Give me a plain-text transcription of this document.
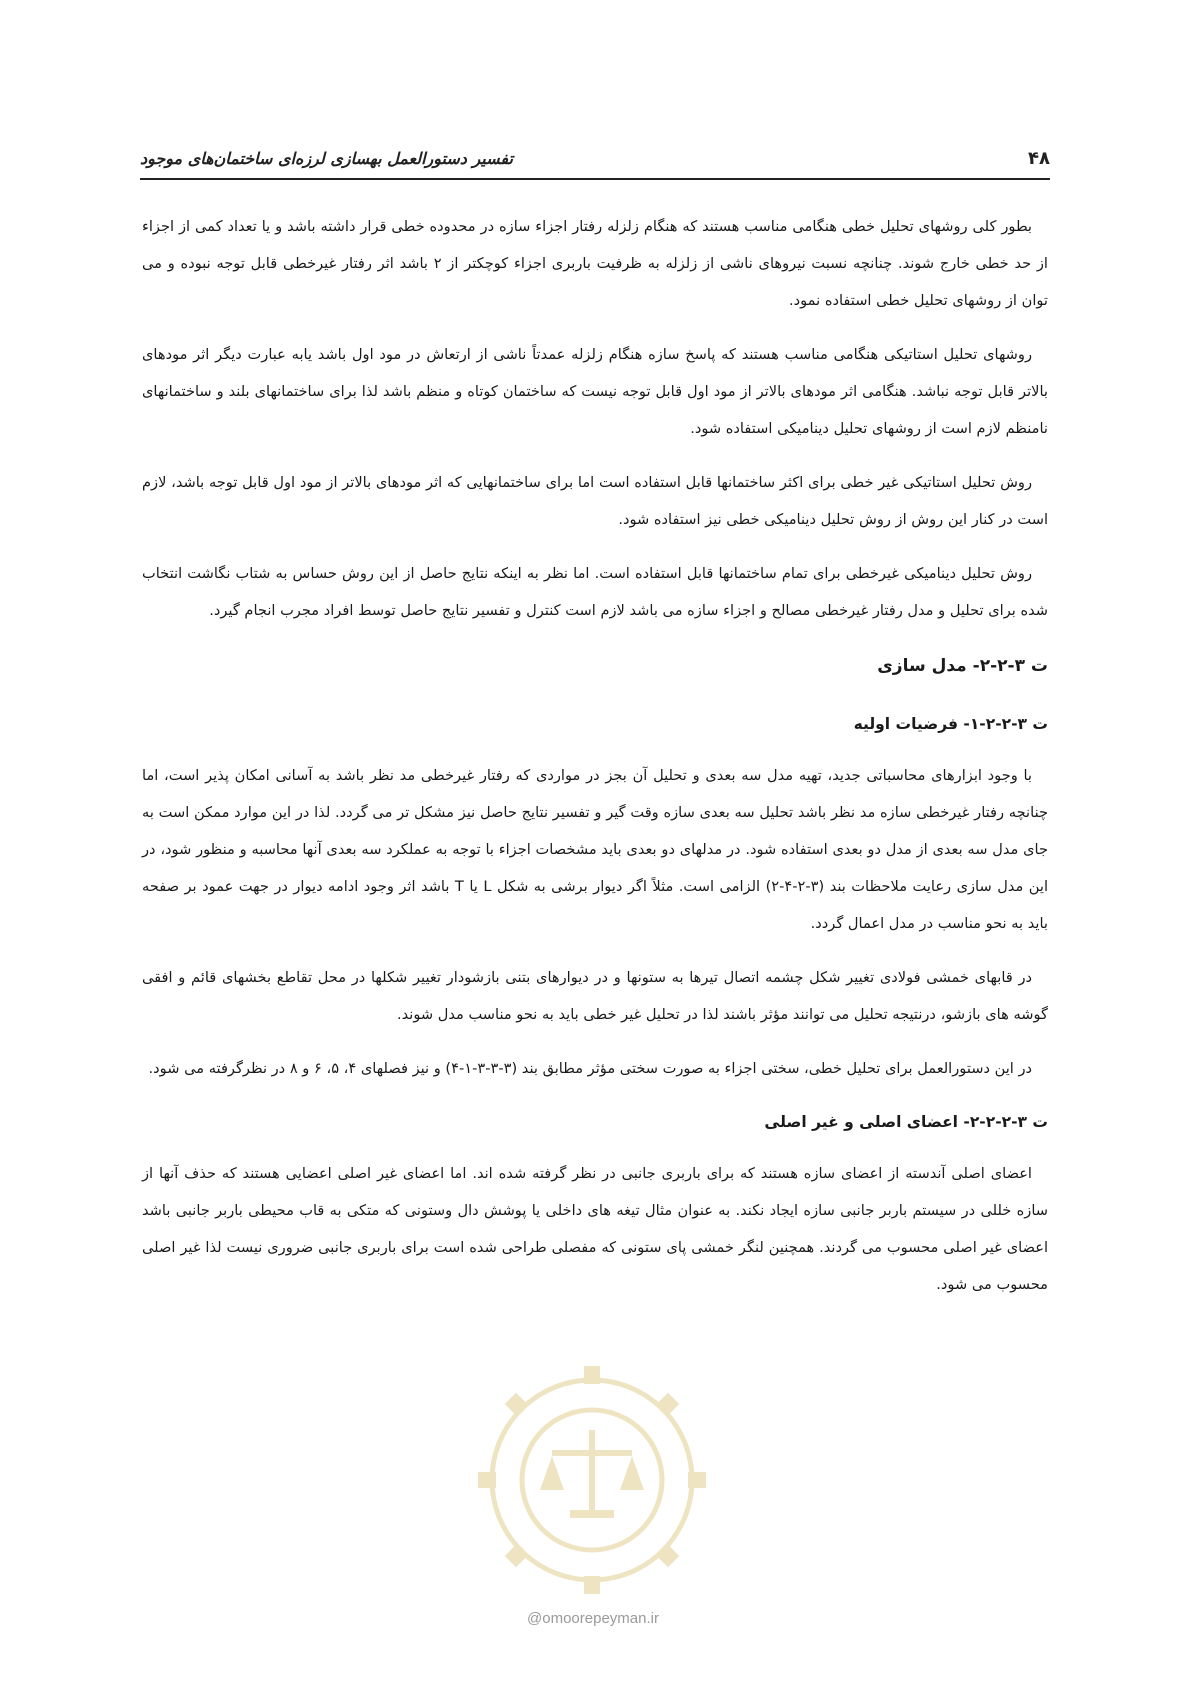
۴۸
تفسیر دستورالعمل بهسازی لرزه‌ای ساختمان‌های موجود

بطور کلی روشهای تحلیل خطی هنگامی مناسب هستند که هنگام زلزله رفتار اجزاء سازه در محدوده خطی قرار داشته باشد و یا تعداد کمی از اجزاء از حد خطی خارج شوند. چنانچه نسبت نیروهای ناشی از زلزله به ظرفیت باربری اجزاء کوچکتر از ۲ باشد اثر رفتار غیرخطی قابل توجه نبوده و می توان از روشهای تحلیل خطی استفاده نمود.

روشهای تحلیل استاتیکی هنگامی مناسب هستند که پاسخ سازه هنگام زلزله عمدتاً ناشی از ارتعاش در مود اول باشد یابه عبارت دیگر اثر مودهای بالاتر قابل توجه نباشد. هنگامی اثر مودهای بالاتر از مود اول قابل توجه نیست که ساختمان کوتاه و منظم باشد لذا برای ساختمانهای بلند و ساختمانهای نامنظم لازم است از روشهای تحلیل دینامیکی استفاده شود.

روش تحلیل استاتیکی غیر خطی برای اکثر ساختمانها قابل استفاده است اما برای ساختمانهایی که اثر مودهای بالاتر از مود اول قابل توجه باشد، لازم است در کنار این روش از روش تحلیل دینامیکی خطی نیز استفاده شود.

روش تحلیل دینامیکی غیرخطی برای تمام ساختمانها قابل استفاده است. اما نظر به اینکه نتایج حاصل از این روش حساس به شتاب نگاشت انتخاب شده برای تحلیل و مدل رفتار غیرخطی مصالح و اجزاء سازه می باشد لازم است کنترل و تفسیر نتایج حاصل توسط افراد مجرب انجام گیرد.

ت ۳-۲-۲- مدل سازی
ت ۳-۲-۲-۱- فرضیات اولیه

با وجود ابزارهای محاسباتی جدید، تهیه مدل سه بعدی و تحلیل آن بجز در مواردی که رفتار غیرخطی مد نظر باشد به آسانی امکان پذیر است، اما چنانچه رفتار غیرخطی سازه مد نظر باشد تحلیل سه بعدی سازه وقت گیر و تفسیر نتایج حاصل نیز مشکل تر می گردد. لذا در این موارد ممکن است به جای مدل سه بعدی از مدل دو بعدی استفاده شود. در مدلهای دو بعدی باید مشخصات اجزاء با توجه به عملکرد سه بعدی آنها محاسبه و منظور شود، در این مدل سازی رعایت ملاحظات بند (۳-۲-۴-۲) الزامی است. مثلاً اگر دیوار برشی به شکل L یا T باشد اثر وجود ادامه دیوار در جهت عمود بر صفحه باید به نحو مناسب در مدل اعمال گردد.

در قابهای خمشی فولادی تغییر شکل چشمه اتصال تیرها به ستونها و در دیوارهای بتنی بازشودار تغییر شکلها در محل تقاطع بخشهای قائم و افقی گوشه های بازشو، درنتیجه تحلیل می توانند مؤثر باشند لذا در تحلیل غیر خطی باید به نحو مناسب مدل شوند.

در این دستورالعمل برای تحلیل خطی، سختی اجزاء به صورت سختی مؤثر مطابق بند (۳-۳-۳-۱-۴) و نیز فصلهای ۴، ۵، ۶ و ۸ در نظرگرفته می شود.

ت ۳-۲-۲-۲- اعضای اصلی و غیر اصلی

اعضای اصلی آندسته از اعضای سازه هستند که برای باربری جانبی در نظر گرفته شده اند. اما اعضای غیر اصلی اعضایی هستند که حذف آنها از سازه خللی در سیستم باربر جانبی سازه ایجاد نکند. به عنوان مثال تیغه های داخلی یا پوشش دال وستونی که متکی به قاب محیطی باربر جانبی باشد اعضای غیر اصلی محسوب می گردند. همچنین لنگر خمشی پای ستونی که مفصلی طراحی شده است برای باربری جانبی ضروری نیست لذا غیر اصلی محسوب می شود.

@omoorepeyman.ir
